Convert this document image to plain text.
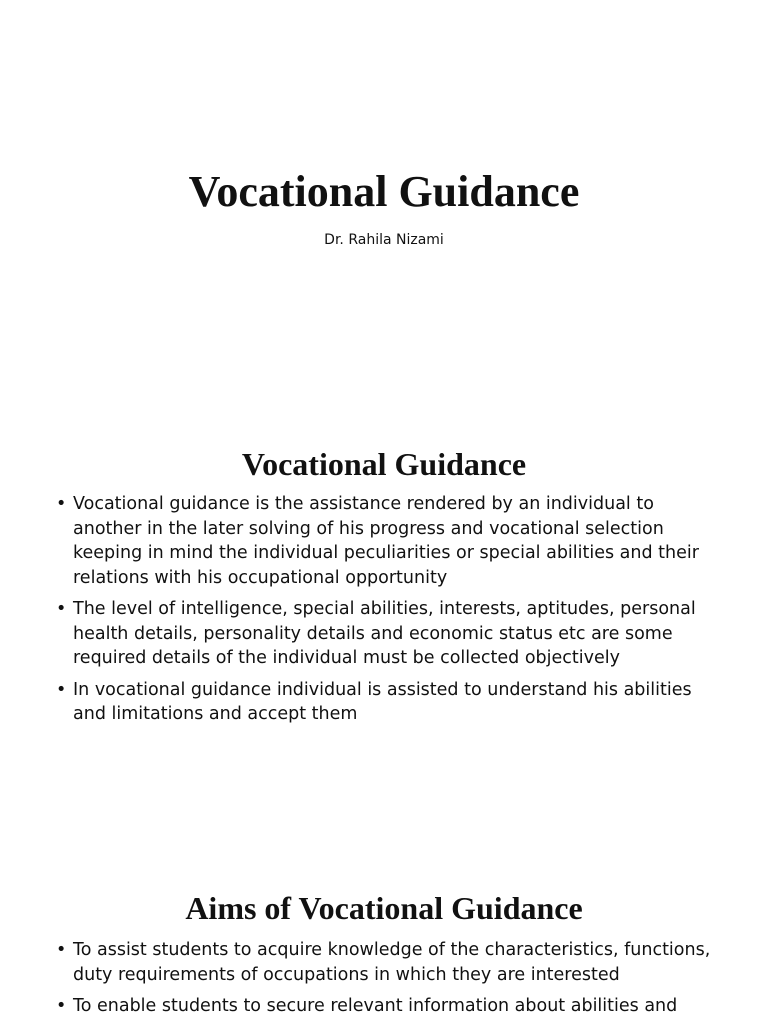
Vocational Guidance
Dr. Rahila Nizami
Vocational Guidance
• Vocational guidance is the assistance rendered by an individual to another in the later solving of his progress and vocational selection keeping in mind the individual peculiarities or special abilities and their relations with his occupational opportunity
• The level of intelligence, special abilities, interests, aptitudes, personal health details, personality details and economic status etc are some required details of the individual must be collected objectively
• In vocational guidance individual is assisted to understand his abilities and limitations and accept them
Aims of Vocational Guidance
• To assist students to acquire knowledge of the characteristics, functions, duty requirements of occupations in which they are interested
• To enable students to secure relevant information about abilities and
